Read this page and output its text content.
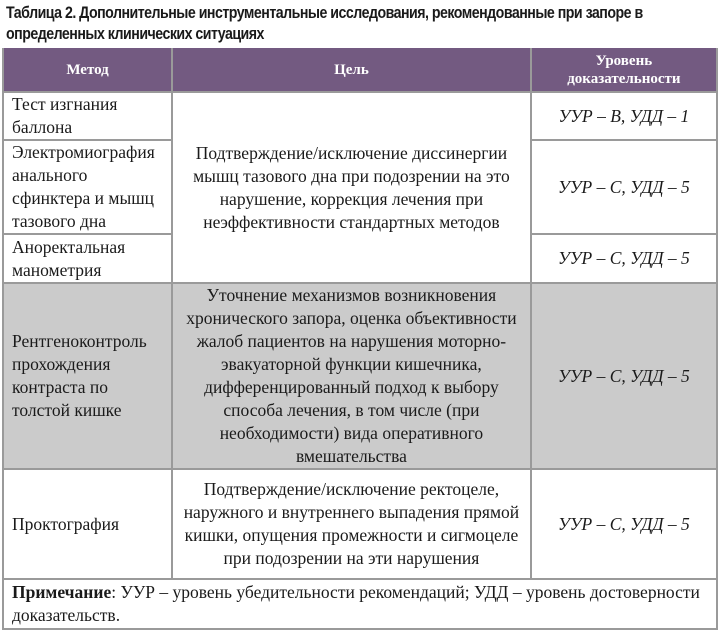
Таблица 2. Дополнительные инструментальные исследования, рекомендованные при запоре в определенных клинических ситуациях
Метод	Цель	Уровень доказательности
Тест изгнания баллона	Подтверждение/исключение диссинергии мышц тазового дна при подозрении на это нарушение, коррекция лечения при неэффективности стандартных методов	УУР – В, УДД – 1
Электромиография анального сфинктера и мышц тазового дна		УУР – С, УДД – 5
Аноректальная манометрия		УУР – С, УДД – 5
Рентгеноконтроль прохождения контраста по толстой кишке	Уточнение механизмов возникновения хронического запора, оценка объективности жалоб пациентов на нарушения моторно-эвакуаторной функции кишечника, дифференцированный подход к выбору способа лечения, в том числе (при необходимости) вида оперативного вмешательства	УУР – С, УДД – 5
Проктография	Подтверждение/исключение ректоцеле, наружного и внутреннего выпадения прямой кишки, опущения промежности и сигмоцеле при подозрении на эти нарушения	УУР – С, УДД – 5
Примечание: УУР – уровень убедительности рекомендаций; УДД – уровень достоверности доказательств.		
